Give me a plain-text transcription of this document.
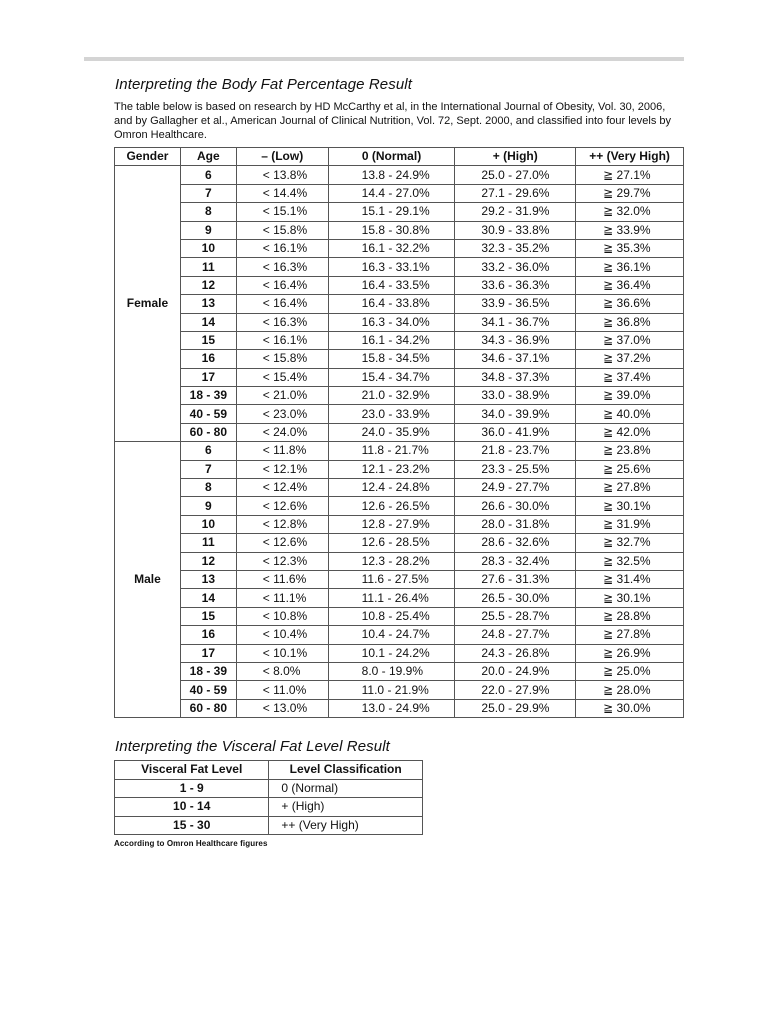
Interpreting the Body Fat Percentage Result

The table below is based on research by HD McCarthy et al, in the International Journal of Obesity, Vol. 30, 2006, and by Gallagher et al., American Journal of Clinical Nutrition, Vol. 72, Sept. 2000, and classified into four levels by Omron Healthcare.

Gender	Age	– (Low)	0 (Normal)	+ (High)	++ (Very High)
Female	6	< 13.8%	13.8 - 24.9%	25.0 - 27.0%	≧ 27.1%
	7	< 14.4%	14.4 - 27.0%	27.1 - 29.6%	≧ 29.7%
	8	< 15.1%	15.1 - 29.1%	29.2 - 31.9%	≧ 32.0%
	9	< 15.8%	15.8 - 30.8%	30.9 - 33.8%	≧ 33.9%
	10	< 16.1%	16.1 - 32.2%	32.3 - 35.2%	≧ 35.3%
	11	< 16.3%	16.3 - 33.1%	33.2 - 36.0%	≧ 36.1%
	12	< 16.4%	16.4 - 33.5%	33.6 - 36.3%	≧ 36.4%
	13	< 16.4%	16.4 - 33.8%	33.9 - 36.5%	≧ 36.6%
	14	< 16.3%	16.3 - 34.0%	34.1 - 36.7%	≧ 36.8%
	15	< 16.1%	16.1 - 34.2%	34.3 - 36.9%	≧ 37.0%
	16	< 15.8%	15.8 - 34.5%	34.6 - 37.1%	≧ 37.2%
	17	< 15.4%	15.4 - 34.7%	34.8 - 37.3%	≧ 37.4%
	18 - 39	< 21.0%	21.0 - 32.9%	33.0 - 38.9%	≧ 39.0%
	40 - 59	< 23.0%	23.0 - 33.9%	34.0 - 39.9%	≧ 40.0%
	60 - 80	< 24.0%	24.0 - 35.9%	36.0 - 41.9%	≧ 42.0%
Male	6	< 11.8%	11.8 - 21.7%	21.8 - 23.7%	≧ 23.8%
	7	< 12.1%	12.1 - 23.2%	23.3 - 25.5%	≧ 25.6%
	8	< 12.4%	12.4 - 24.8%	24.9 - 27.7%	≧ 27.8%
	9	< 12.6%	12.6 - 26.5%	26.6 - 30.0%	≧ 30.1%
	10	< 12.8%	12.8 - 27.9%	28.0 - 31.8%	≧ 31.9%
	11	< 12.6%	12.6 - 28.5%	28.6 - 32.6%	≧ 32.7%
	12	< 12.3%	12.3 - 28.2%	28.3 - 32.4%	≧ 32.5%
	13	< 11.6%	11.6 - 27.5%	27.6 - 31.3%	≧ 31.4%
	14	< 11.1%	11.1 - 26.4%	26.5 - 30.0%	≧ 30.1%
	15	< 10.8%	10.8 - 25.4%	25.5 - 28.7%	≧ 28.8%
	16	< 10.4%	10.4 - 24.7%	24.8 - 27.7%	≧ 27.8%
	17	< 10.1%	10.1 - 24.2%	24.3 - 26.8%	≧ 26.9%
	18 - 39	< 8.0%	8.0 - 19.9%	20.0 - 24.9%	≧ 25.0%
	40 - 59	< 11.0%	11.0 - 21.9%	22.0 - 27.9%	≧ 28.0%
	60 - 80	< 13.0%	13.0 - 24.9%	25.0 - 29.9%	≧ 30.0%
Interpreting the Visceral Fat Level Result
Visceral Fat Level	Level Classification
1 - 9	0 (Normal)
10 - 14	+ (High)
15 - 30	++ (Very High)

According to Omron Healthcare figures
